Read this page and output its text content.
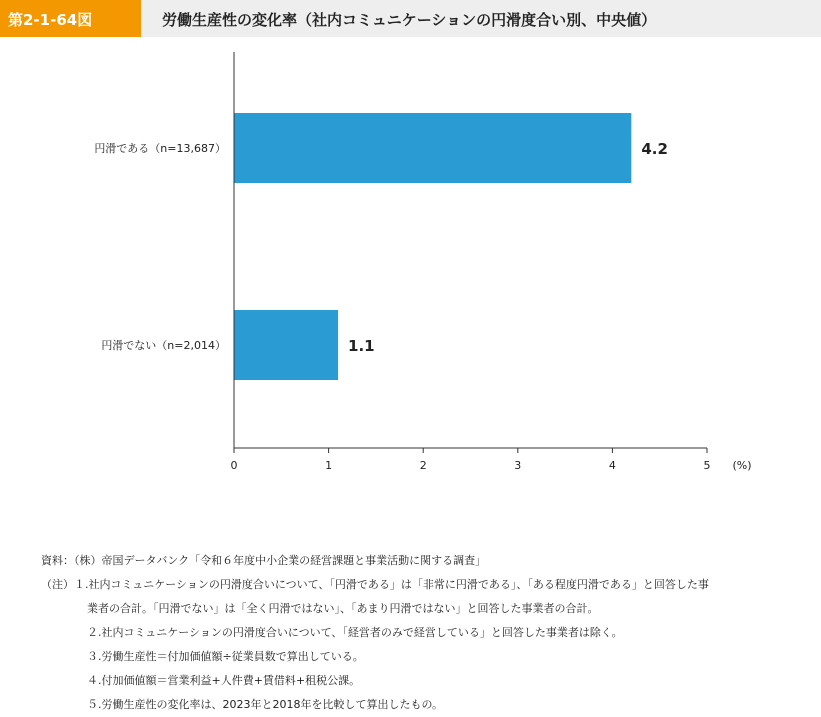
第2-1-64図	労働生産性の変化率（社内コミュニケーションの円滑度合い別、中央値）
4.2
円滑である（n=13,687）
1.1
円滑でない（n=2,014）
0	1	2	3	4	5 (%)
資料：（株）帝国データバンク「令和６年度中小企業の経営課題と事業活動に関する調査」
（注）１.社内コミュニケーションの円滑度合いについて、「円滑である」は「非常に円滑である」、「ある程度円滑である」と回答した事
業者の合計。「円滑でない」は「全く円滑ではない」、「あまり円滑ではない」と回答した事業者の合計。
２.社内コミュニケーションの円滑度合いについて、「経営者のみで経営している」と回答した事業者は除く。
３.労働生産性＝付加価値額÷従業員数で算出している。
４.付加価値額＝営業利益+人件費+賃借料+租税公課。
５.労働生産性の変化率は、2023年と2018年を比較して算出したもの。
